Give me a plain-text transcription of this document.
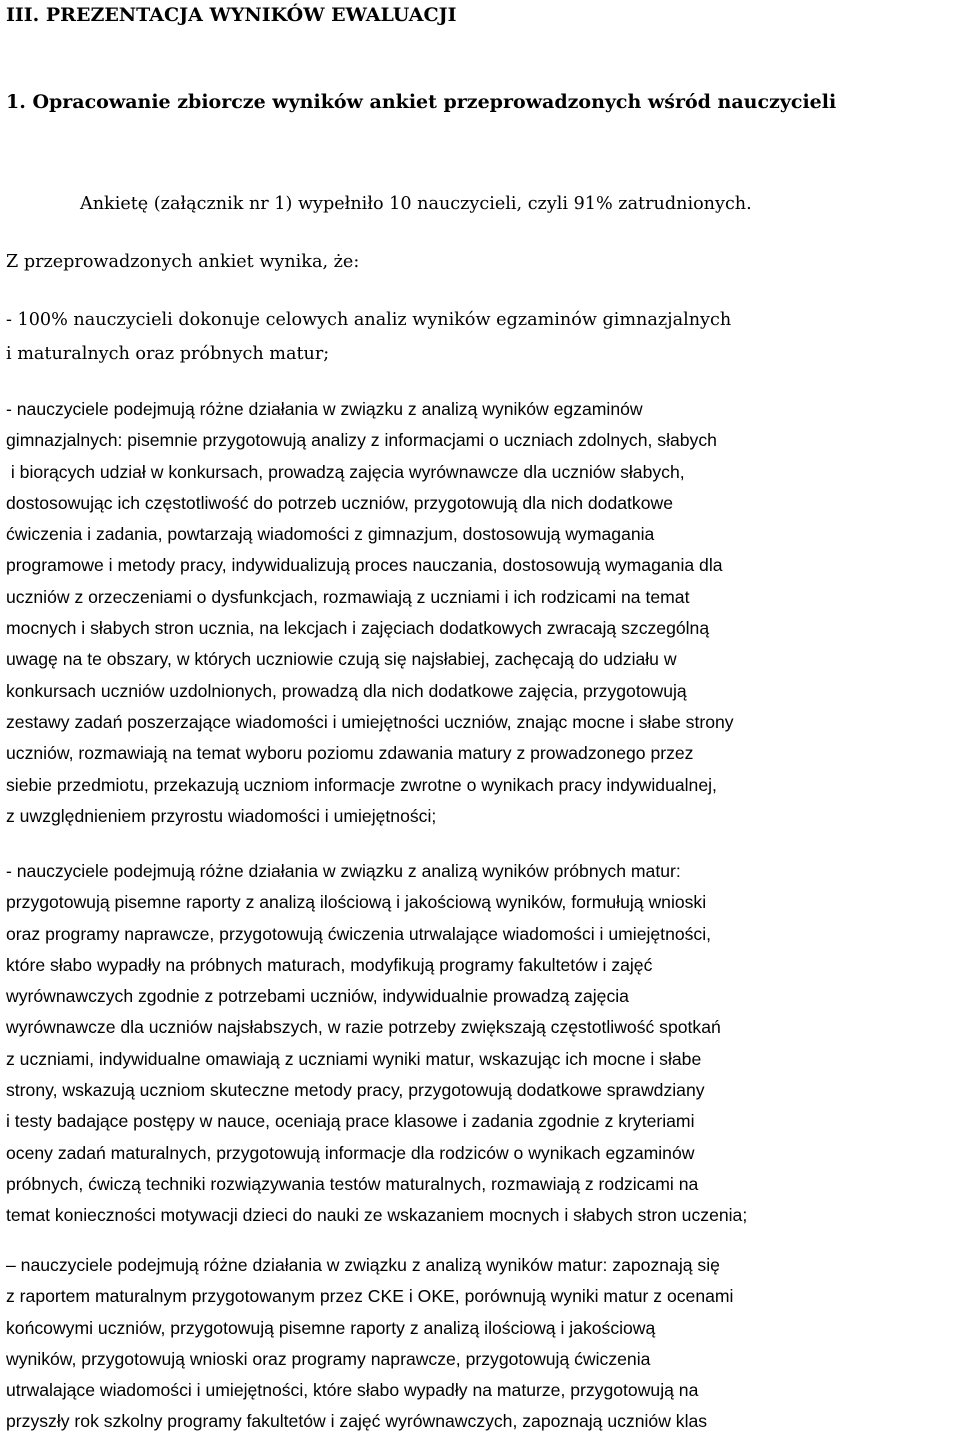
III. PREZENTACJA WYNIKÓW EWALUACJI
1. Opracowanie zbiorcze wyników ankiet przeprowadzonych wśród nauczycieli
Ankietę (załącznik nr 1) wypełniło 10 nauczycieli, czyli 91% zatrudnionych.
Z przeprowadzonych ankiet wynika, że:
- 100% nauczycieli dokonuje celowych analiz wyników egzaminów gimnazjalnych
i maturalnych oraz próbnych matur;
- nauczyciele podejmują różne działania w związku z analizą wyników egzaminów
gimnazjalnych: pisemnie przygotowują analizy z informacjami o uczniach zdolnych, słabych
i biorących udział w konkursach, prowadzą zajęcia wyrównawcze dla uczniów słabych,
dostosowując ich częstotliwość do potrzeb uczniów, przygotowują dla nich dodatkowe
ćwiczenia i zadania, powtarzają wiadomości z gimnazjum, dostosowują wymagania
programowe i metody pracy, indywidualizują proces nauczania, dostosowują wymagania dla
uczniów z orzeczeniami o dysfunkcjach, rozmawiają z uczniami i ich rodzicami na temat
mocnych i słabych stron ucznia, na lekcjach i zajęciach dodatkowych zwracają szczególną
uwagę na te obszary, w których uczniowie czują się najsłabiej, zachęcają do udziału w
konkursach uczniów uzdolnionych, prowadzą dla nich dodatkowe zajęcia, przygotowują
zestawy zadań poszerzające wiadomości i umiejętności uczniów, znając mocne i słabe strony
uczniów, rozmawiają na temat wyboru poziomu zdawania matury z prowadzonego przez
siebie przedmiotu, przekazują uczniom informacje zwrotne o wynikach pracy indywidualnej,
z uwzględnieniem przyrostu wiadomości i umiejętności;
- nauczyciele podejmują różne działania w związku z analizą wyników próbnych matur:
przygotowują pisemne raporty z analizą ilościową i jakościową wyników, formułują wnioski
oraz programy naprawcze, przygotowują ćwiczenia utrwalające wiadomości i umiejętności,
które słabo wypadły na próbnych maturach, modyfikują programy fakultetów i zajęć
wyrównawczych zgodnie z potrzebami uczniów, indywidualnie prowadzą zajęcia
wyrównawcze dla uczniów najsłabszych, w razie potrzeby zwiększają częstotliwość spotkań
z uczniami, indywidualne omawiają z uczniami wyniki matur, wskazując ich mocne i słabe
strony, wskazują uczniom skuteczne metody pracy, przygotowują dodatkowe sprawdziany
i testy badające postępy w nauce, oceniają prace klasowe i zadania zgodnie z kryteriami
oceny zadań maturalnych, przygotowują informacje dla rodziców o wynikach egzaminów
próbnych, ćwiczą techniki rozwiązywania testów maturalnych, rozmawiają z rodzicami na
temat konieczności motywacji dzieci do nauki ze wskazaniem mocnych i słabych stron uczenia;
– nauczyciele podejmują różne działania w związku z analizą wyników matur: zapoznają się
z raportem maturalnym przygotowanym przez CKE i OKE, porównują wyniki matur z ocenami
końcowymi uczniów, przygotowują pisemne raporty z analizą ilościową i jakościową
wyników, przygotowują wnioski oraz programy naprawcze, przygotowują ćwiczenia
utrwalające wiadomości i umiejętności, które słabo wypadły na maturze, przygotowują na
przyszły rok szkolny programy fakultetów i zajęć wyrównawczych, zapoznają uczniów klas
